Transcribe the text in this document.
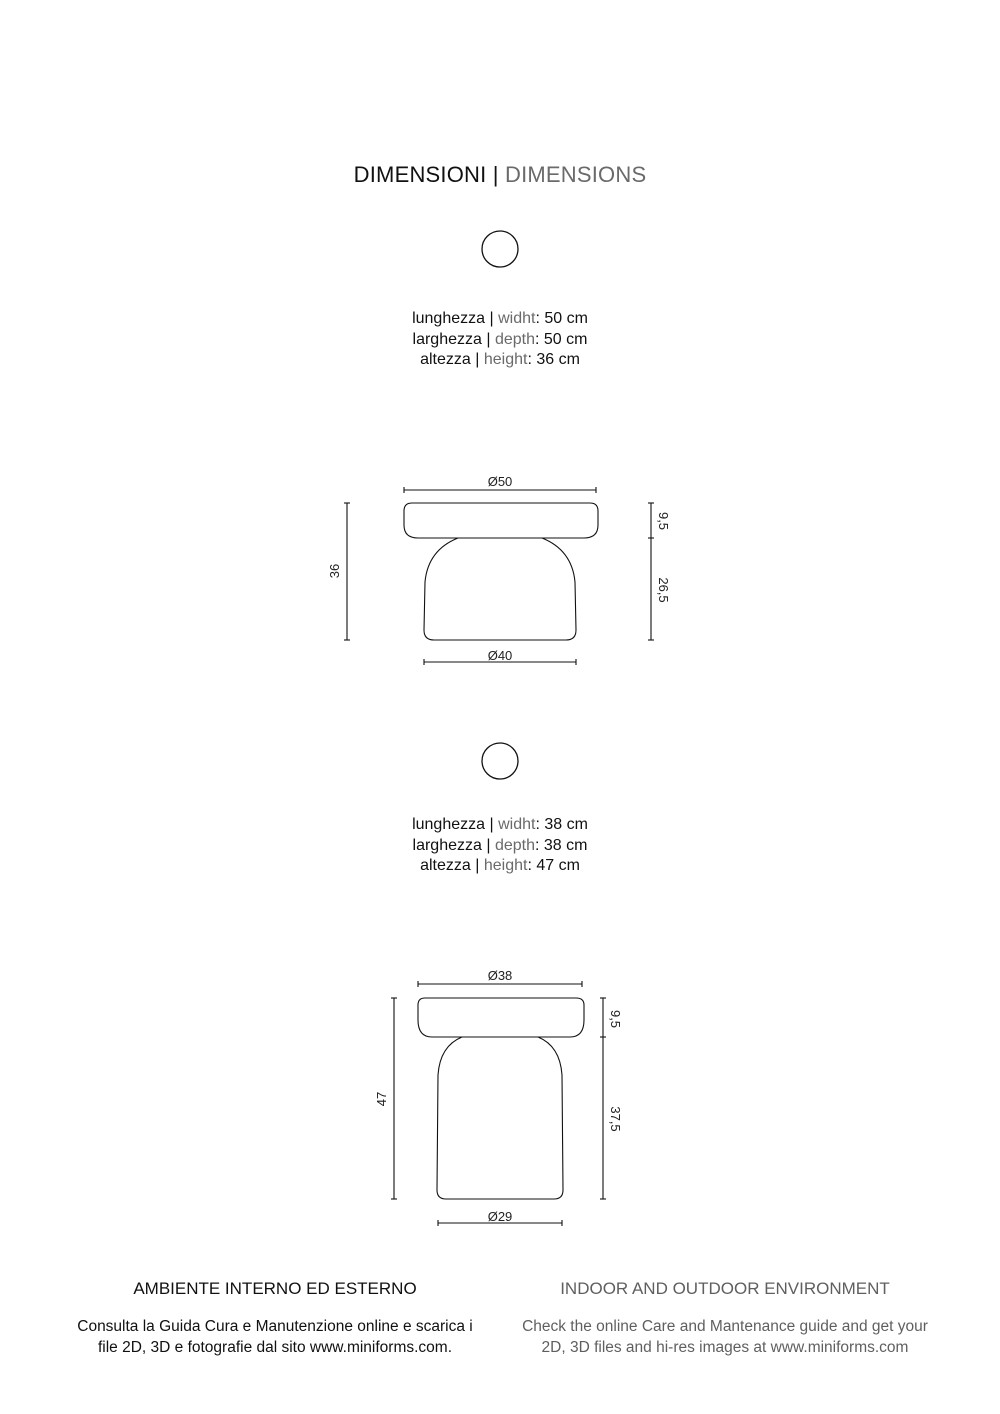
DIMENSIONI | DIMENSIONS
lunghezza | widht: 50 cm
larghezza | depth: 50 cm
altezza | height: 36 cm
Ø50
Ø40
36
9,5
26,5
lunghezza | widht: 38 cm
larghezza | depth: 38 cm
altezza | height: 47 cm
Ø38
Ø29
47
9,5
37,5
AMBIENTE INTERNO ED ESTERNO	INDOOR AND OUTDOOR ENVIRONMENT
Consulta la Guida Cura e Manutenzione online e scarica i
file 2D, 3D e fotografie dal sito www.miniforms.com.
Check the online Care and Mantenance guide and get your
2D, 3D files and hi-res images at www.miniforms.com
